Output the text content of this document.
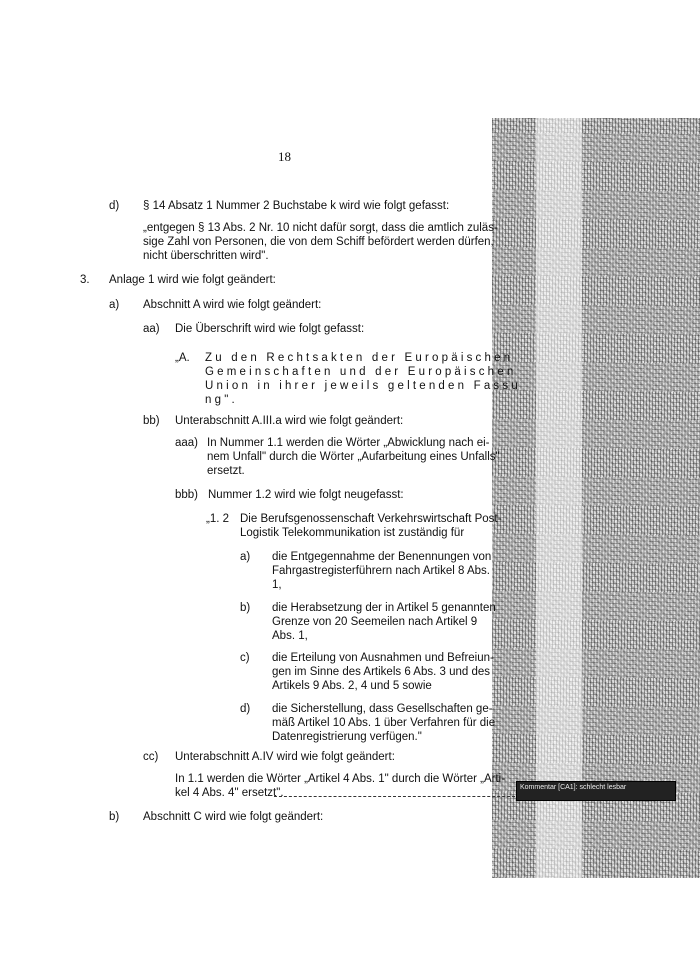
18
d) § 14 Absatz 1 Nummer 2 Buchstabe k wird wie folgt gefasst:
„entgegen § 13 Abs. 2 Nr. 10 nicht dafür sorgt, dass die amtlich zuläs-
sige Zahl von Personen, die von dem Schiff befördert werden dürfen,
nicht überschritten wird".
3. Anlage 1 wird wie folgt geändert:
a) Abschnitt A wird wie folgt geändert:
aa) Die Überschrift wird wie folgt gefasst:
„A. Zu den Rechtsakten der Europäischen
Gemeinschaften und der Europäischen
Union in ihrer jeweils geltenden Fassu
ng".
bb) Unterabschnitt A.III.a wird wie folgt geändert:
aaa) In Nummer 1.1 werden die Wörter „Abwicklung nach ei-
nem Unfall" durch die Wörter „Aufarbeitung eines Unfalls"
ersetzt.
bbb) Nummer 1.2 wird wie folgt neugefasst:
„1. 2 Die Berufsgenossenschaft Verkehrswirtschaft Post-
Logistik Telekommunikation ist zuständig für
a) die Entgegennahme der Benennungen von
Fahrgastregisterführern nach Artikel 8 Abs.
1,
b) die Herabsetzung der in Artikel 5 genannten
Grenze von 20 Seemeilen nach Artikel 9
Abs. 1,
c) die Erteilung von Ausnahmen und Befreiun-
gen im Sinne des Artikels 6 Abs. 3 und des
Artikels 9 Abs. 2, 4 und 5 sowie
d) die Sicherstellung, dass Gesellschaften ge-
mäß Artikel 10 Abs. 1 über Verfahren für die
Datenregistrierung verfügen."
cc) Unterabschnitt A.IV wird wie folgt geändert:
In 1.1 werden die Wörter „Artikel 4 Abs. 1" durch die Wörter „Arti-
kel 4 Abs. 4" ersetzt".	Kommentar [CA1]: schlecht lesbar
b) Abschnitt C wird wie folgt geändert:
